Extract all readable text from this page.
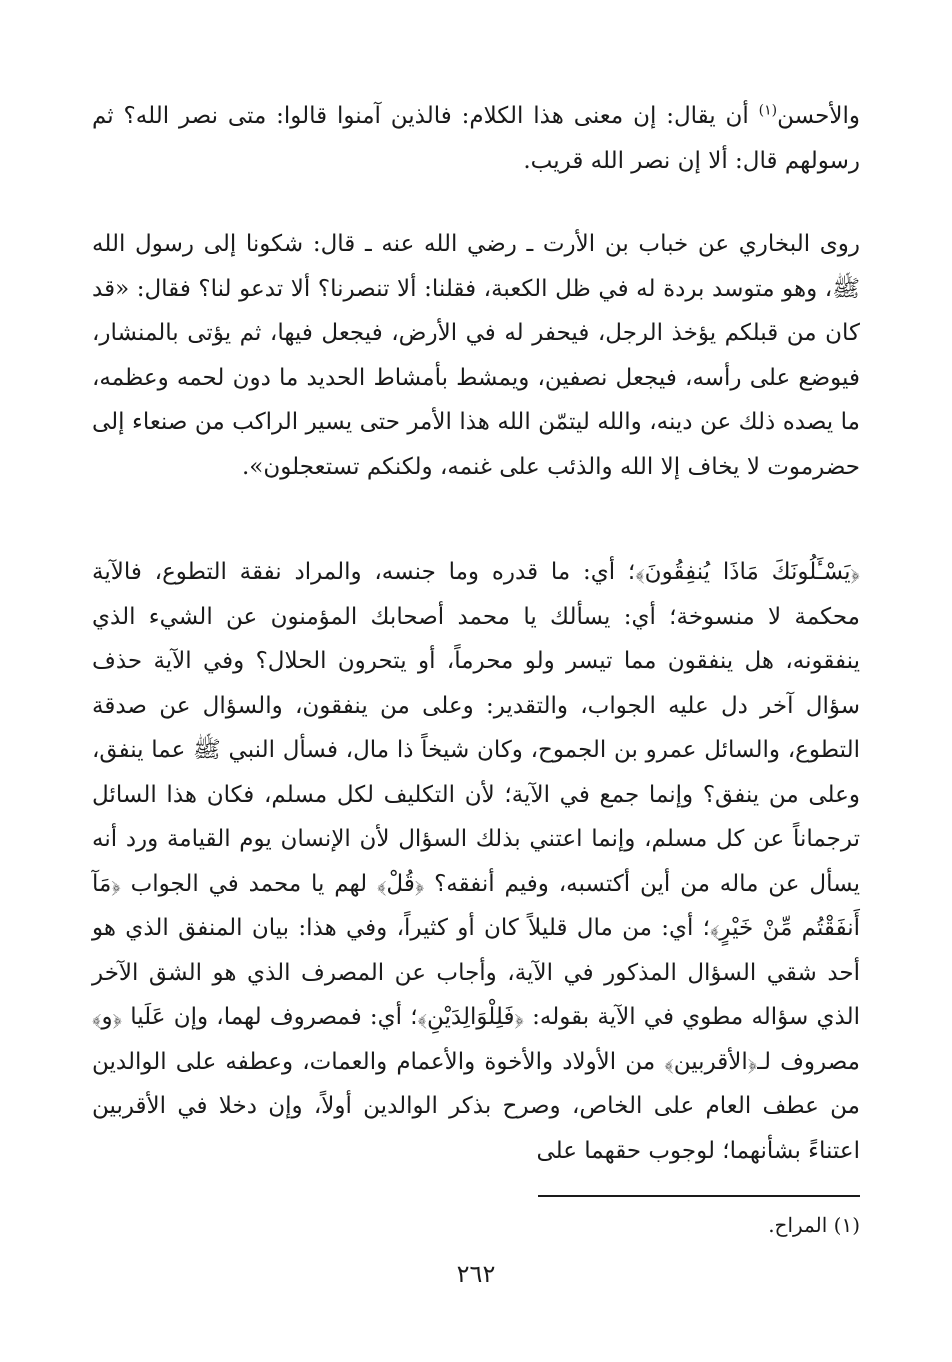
والأحسن$^{(١)}$ أن يقال: إن معنى هذا الكلام: فالذين آمنوا قالوا: متى نصر الله؟ ثم رسولهم قال: ألا إن نصر الله قريب.

روى البخاري عن خباب بن الأرت ـ رضي الله عنه ـ قال: شكونا إلى رسول الله ﷺ، وهو متوسد بردة له في ظل الكعبة، فقلنا: ألا تنصرنا؟ ألا تدعو لنا؟ فقال: «قد كان من قبلكم يؤخذ الرجل، فيحفر له في الأرض، فيجعل فيها، ثم يؤتى بالمنشار، فيوضع على رأسه، فيجعل نصفين، ويمشط بأمشاط الحديد ما دون لحمه وعظمه، ما يصده ذلك عن دينه، والله ليتمّن الله هذا الأمر حتى يسير الراكب من صنعاء إلى حضرموت لا يخاف إلا الله والذئب على غنمه، ولكنكم تستعجلون».

﴿يَسْـَٔلُونَكَ مَاذَا يُنفِقُونَ﴾؛ أي: ما قدره وما جنسه، والمراد نفقة التطوع، فالآية محكمة لا منسوخة؛ أي: يسألك يا محمد أصحابك المؤمنون عن الشيء الذي ينفقونه، هل ينفقون مما تيسر ولو محرماً، أو يتحرون الحلال؟ وفي الآية حذف سؤال آخر دل عليه الجواب، والتقدير: وعلى من ينفقون، والسؤال عن صدقة التطوع، والسائل عمرو بن الجموح، وكان شيخاً ذا مال، فسأل النبي ﷺ عما ينفق، وعلى من ينفق؟ وإنما جمع في الآية؛ لأن التكليف لكل مسلم، فكان هذا السائل ترجماناً عن كل مسلم، وإنما اعتني بذلك السؤال لأن الإنسان يوم القيامة ورد أنه يسأل عن ماله من أين أكتسبه، وفيم أنفقه؟ ﴿قُلْ﴾ لهم يا محمد في الجواب ﴿مَآ أَنفَقْتُم مِّنْ خَيْرٍ﴾؛ أي: من مال قليلاً كان أو كثيراً، وفي هذا: بيان المنفق الذي هو أحد شقي السؤال المذكور في الآية، وأجاب عن المصرف الذي هو الشق الآخر الذي سؤاله مطوي في الآية بقوله: ﴿فَلِلْوَالِدَيْنِ﴾؛ أي: فمصروف لهما، وإن عَلَيا ﴿و﴾ مصروف لـ﴿الأقربين﴾ من الأولاد والأخوة والأعمام والعمات، وعطفه على الوالدين من عطف العام على الخاص، وصرح بذكر الوالدين أولاً، وإن دخلا في الأقربين اعتناءً بشأنهما؛ لوجوب حقهما على

(١) المراح.

٢٦٢
